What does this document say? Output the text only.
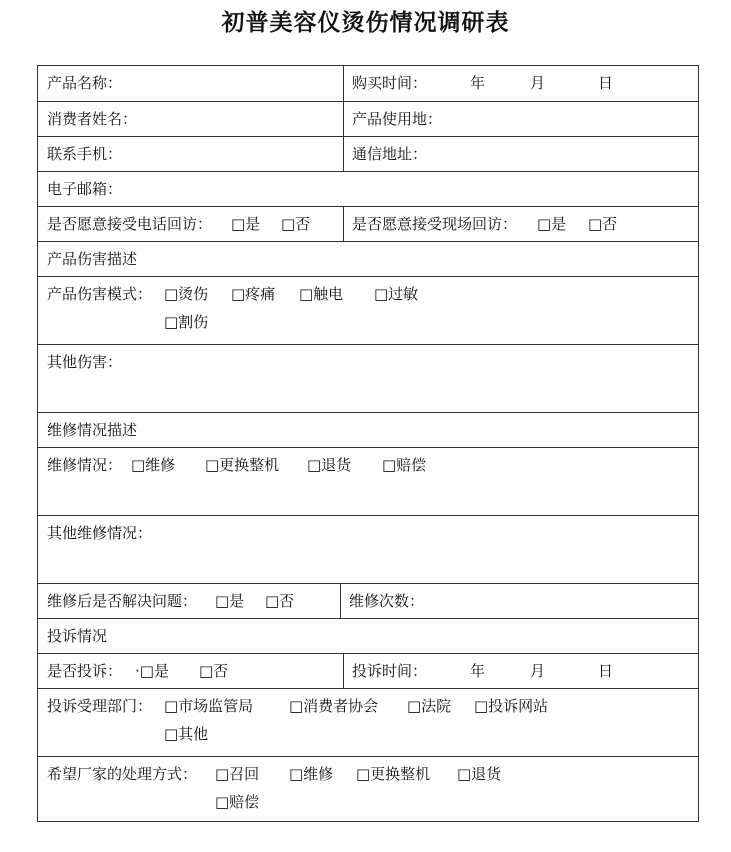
初普美容仪烫伤情况调研表
产品名称：	购买时间：	年	月	日
消费者姓名：	产品使用地：
联系手机：	通信地址：
电子邮箱：
是否愿意接受电话回访： □是 □否	是否愿意接受现场回访： □是 □否
产品伤害描述
产品伤害模式： □烫伤 □疼痛 □触电 □过敏
□割伤
其他伤害：
维修情况描述
维修情况： □维修 □更换整机 □退货 □赔偿
其他维修情况：
维修后是否解决问题： □是 □否	维修次数：
投诉情况
是否投诉： ·□是 □否	投诉时间：	年	月	日
投诉受理部门： □市场监管局 □消费者协会 □法院 □投诉网站
□其他
希望厂家的处理方式： □召回 □维修 □更换整机 □退货
□赔偿
